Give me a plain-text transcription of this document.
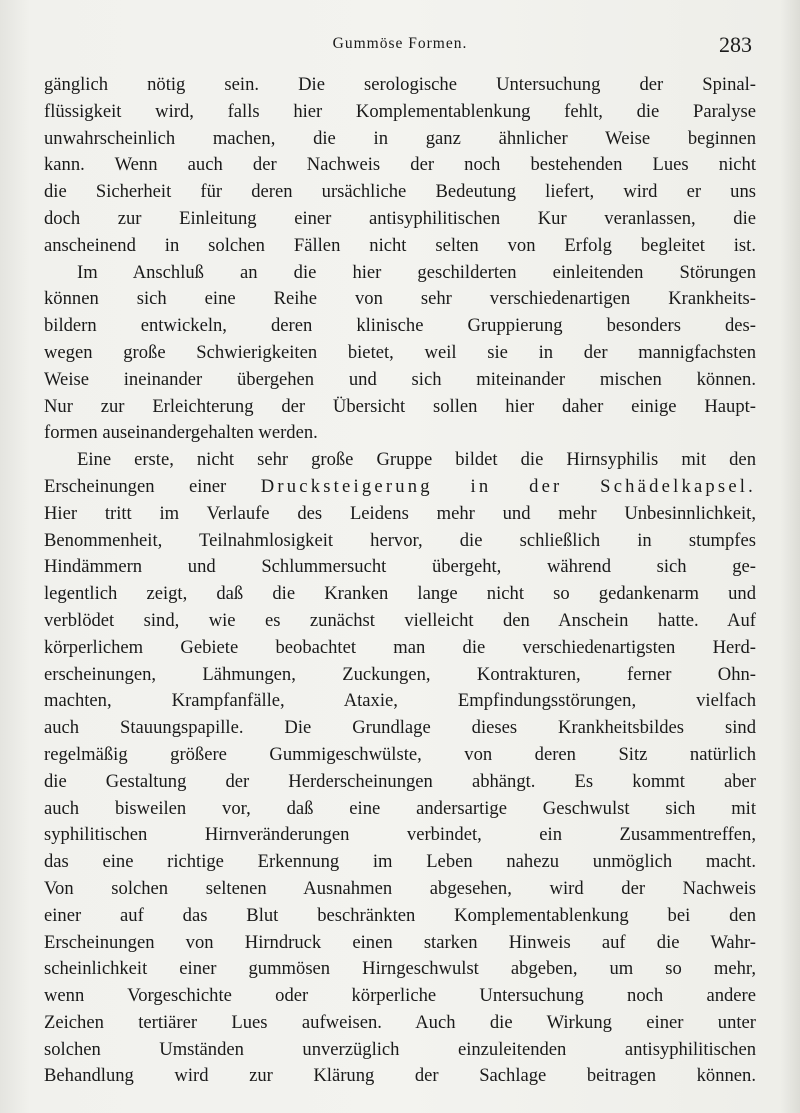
Gummöse Formen.	283

gänglich nötig sein. Die serologische Untersuchung der Spinal-
flüssigkeit wird, falls hier Komplementablenkung fehlt, die Paralyse
unwahrscheinlich machen, die in ganz ähnlicher Weise beginnen
kann. Wenn auch der Nachweis der noch bestehenden Lues nicht
die Sicherheit für deren ursächliche Bedeutung liefert, wird er uns
doch zur Einleitung einer antisyphilitischen Kur veranlassen, die
anscheinend in solchen Fällen nicht selten von Erfolg begleitet ist.

Im Anschluß an die hier geschilderten einleitenden Störungen
können sich eine Reihe von sehr verschiedenartigen Krankheits-
bildern entwickeln, deren klinische Gruppierung besonders des-
wegen große Schwierigkeiten bietet, weil sie in der mannigfachsten
Weise ineinander übergehen und sich miteinander mischen können.
Nur zur Erleichterung der Übersicht sollen hier daher einige Haupt-
formen auseinandergehalten werden.

Eine erste, nicht sehr große Gruppe bildet die Hirnsyphilis mit den
Erscheinungen einer Drucksteigerung in der Schädelkapsel.
Hier tritt im Verlaufe des Leidens mehr und mehr Unbesinnlichkeit,
Benommenheit, Teilnahmlosigkeit hervor, die schließlich in stumpfes
Hindämmern und Schlummersucht übergeht, während sich ge-
legentlich zeigt, daß die Kranken lange nicht so gedankenarm und
verblödet sind, wie es zunächst vielleicht den Anschein hatte. Auf
körperlichem Gebiete beobachtet man die verschiedenartigsten Herd-
erscheinungen, Lähmungen, Zuckungen, Kontrakturen, ferner Ohn-
machten, Krampfanfälle, Ataxie, Empfindungsstörungen, vielfach
auch Stauungspapille. Die Grundlage dieses Krankheitsbildes sind
regelmäßig größere Gummigeschwülste, von deren Sitz natürlich
die Gestaltung der Herderscheinungen abhängt. Es kommt aber
auch bisweilen vor, daß eine andersartige Geschwulst sich mit
syphilitischen Hirnveränderungen verbindet, ein Zusammentreffen,
das eine richtige Erkennung im Leben nahezu unmöglich macht.
Von solchen seltenen Ausnahmen abgesehen, wird der Nachweis
einer auf das Blut beschränkten Komplementablenkung bei den
Erscheinungen von Hirndruck einen starken Hinweis auf die Wahr-
scheinlichkeit einer gummösen Hirngeschwulst abgeben, um so mehr,
wenn Vorgeschichte oder körperliche Untersuchung noch andere
Zeichen tertiärer Lues aufweisen. Auch die Wirkung einer unter
solchen Umständen unverzüglich einzuleitenden antisyphilitischen
Behandlung wird zur Klärung der Sachlage beitragen können.
